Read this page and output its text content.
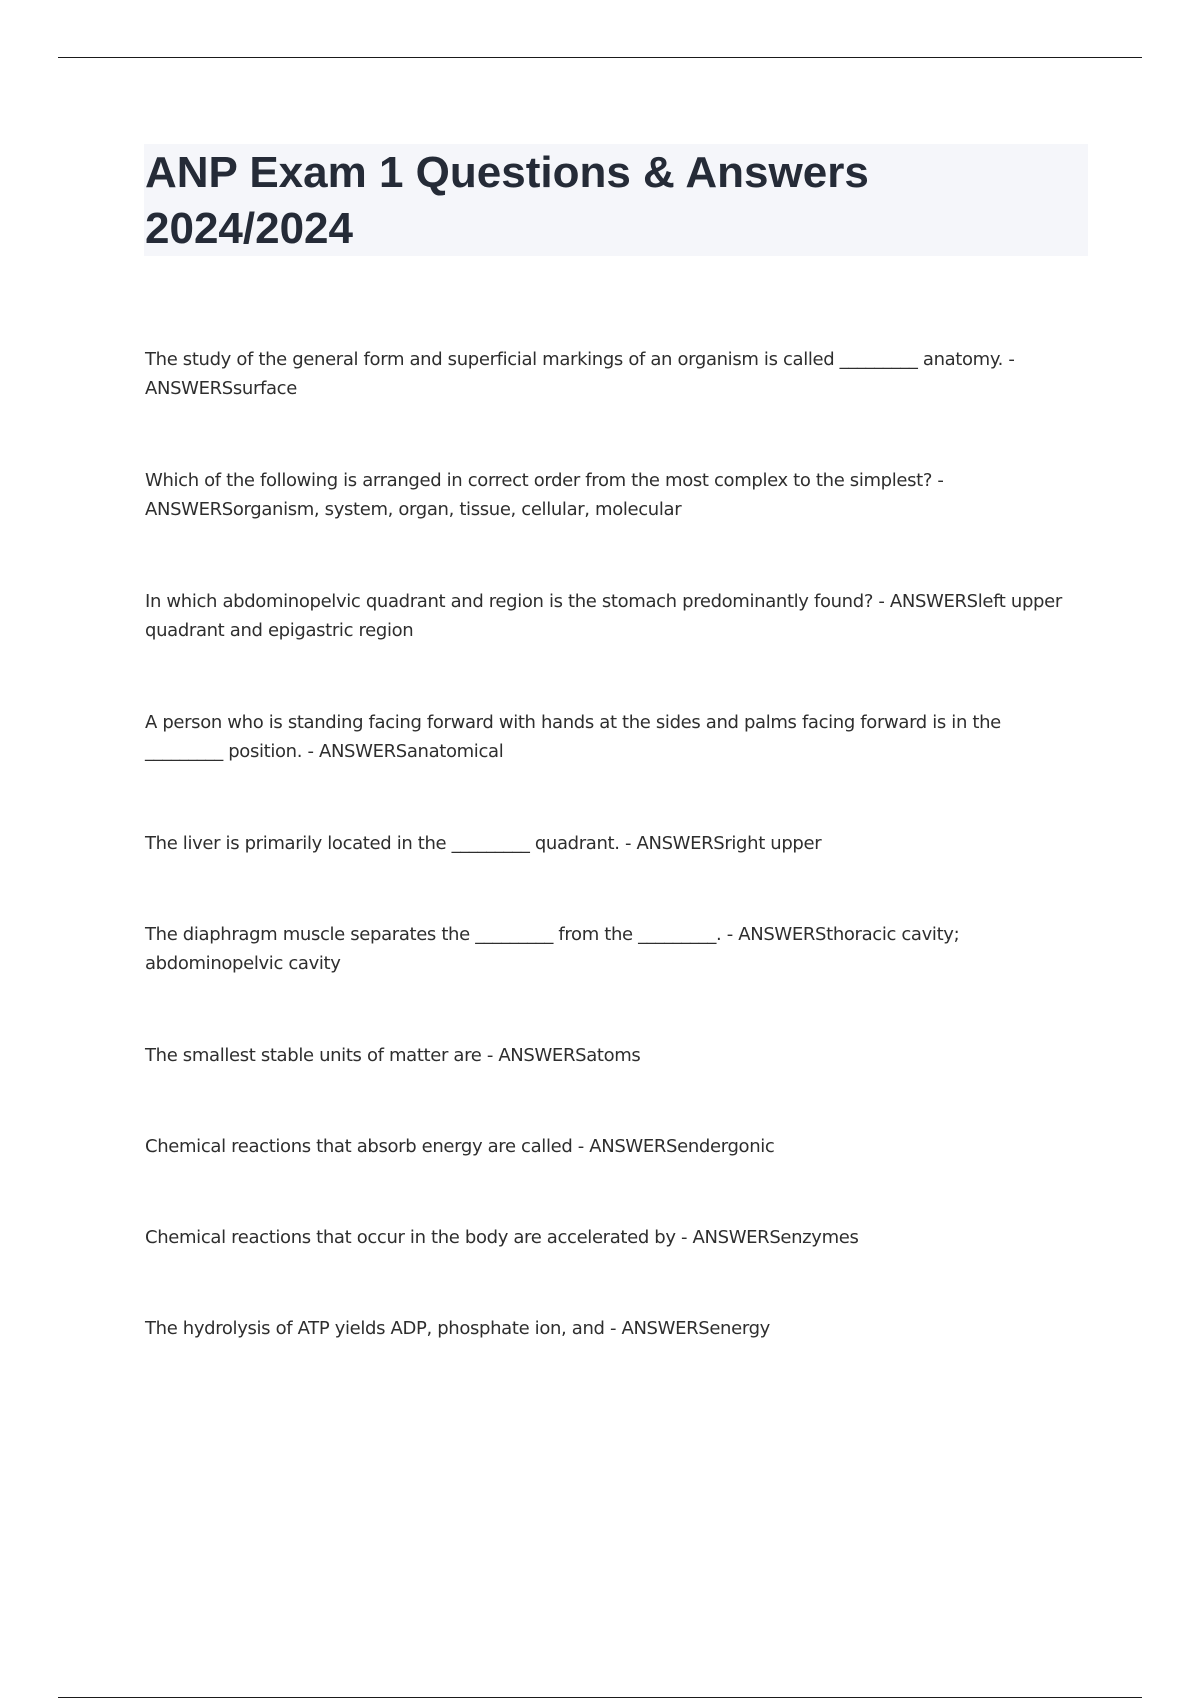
ANP Exam 1 Questions & Answers 2024/2024
The study of the general form and superficial markings of an organism is called _________ anatomy. - ANSWERSsurface
Which of the following is arranged in correct order from the most complex to the simplest? - ANSWERSorganism, system, organ, tissue, cellular, molecular
In which abdominopelvic quadrant and region is the stomach predominantly found? - ANSWERSleft upper quadrant and epigastric region
A person who is standing facing forward with hands at the sides and palms facing forward is in the _________ position. - ANSWERSanatomical
The liver is primarily located in the _________ quadrant. - ANSWERSright upper
The diaphragm muscle separates the _________ from the _________. - ANSWERSthoracic cavity; abdominopelvic cavity
The smallest stable units of matter are - ANSWERSatoms
Chemical reactions that absorb energy are called - ANSWERSendergonic
Chemical reactions that occur in the body are accelerated by - ANSWERSenzymes
The hydrolysis of ATP yields ADP, phosphate ion, and - ANSWERSenergy
